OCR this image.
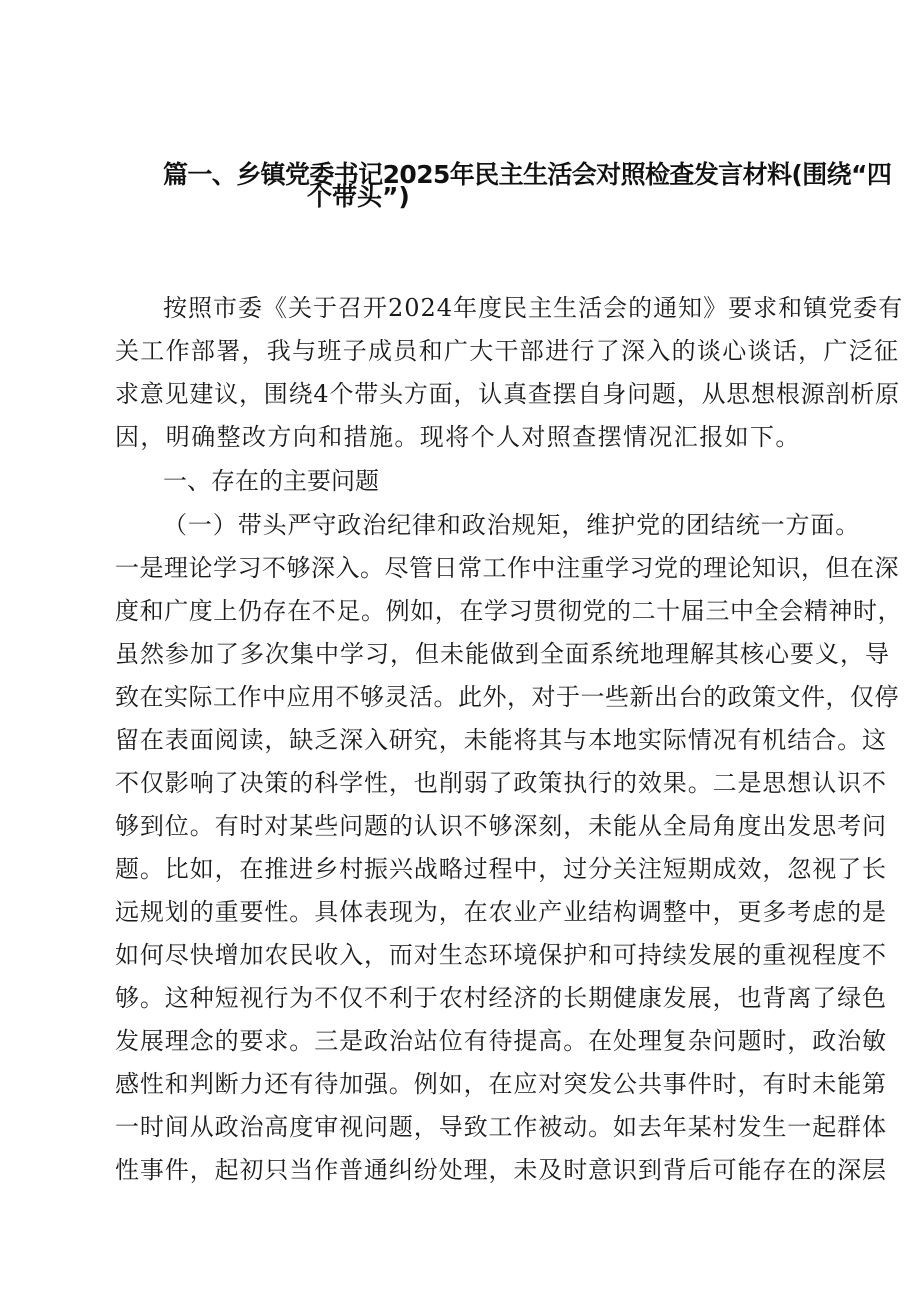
篇一、乡镇党委书记2025年民主生活会对照检查发言材料(围绕“四
个带头”)
按照市委《关于召开2024年度民主生活会的通知》要求和镇党委有
关工作部署，我与班子成员和广大干部进行了深入的谈心谈话，广泛征
求意见建议，围绕4个带头方面，认真查摆自身问题，从思想根源剖析原
因，明确整改方向和措施。现将个人对照查摆情况汇报如下。
一、存在的主要问题
（一）带头严守政治纪律和政治规矩，维护党的团结统一方面。
一是理论学习不够深入。尽管日常工作中注重学习党的理论知识，但在深
度和广度上仍存在不足。例如，在学习贯彻党的二十届三中全会精神时，
虽然参加了多次集中学习，但未能做到全面系统地理解其核心要义，导
致在实际工作中应用不够灵活。此外，对于一些新出台的政策文件，仅停
留在表面阅读，缺乏深入研究，未能将其与本地实际情况有机结合。这
不仅影响了决策的科学性，也削弱了政策执行的效果。二是思想认识不
够到位。有时对某些问题的认识不够深刻，未能从全局角度出发思考问
题。比如，在推进乡村振兴战略过程中，过分关注短期成效，忽视了长
远规划的重要性。具体表现为，在农业产业结构调整中，更多考虑的是
如何尽快增加农民收入，而对生态环境保护和可持续发展的重视程度不
够。这种短视行为不仅不利于农村经济的长期健康发展，也背离了绿色
发展理念的要求。三是政治站位有待提高。在处理复杂问题时，政治敏
感性和判断力还有待加强。例如，在应对突发公共事件时，有时未能第
一时间从政治高度审视问题，导致工作被动。如去年某村发生一起群体
性事件，起初只当作普通纠纷处理，未及时意识到背后可能存在的深层
